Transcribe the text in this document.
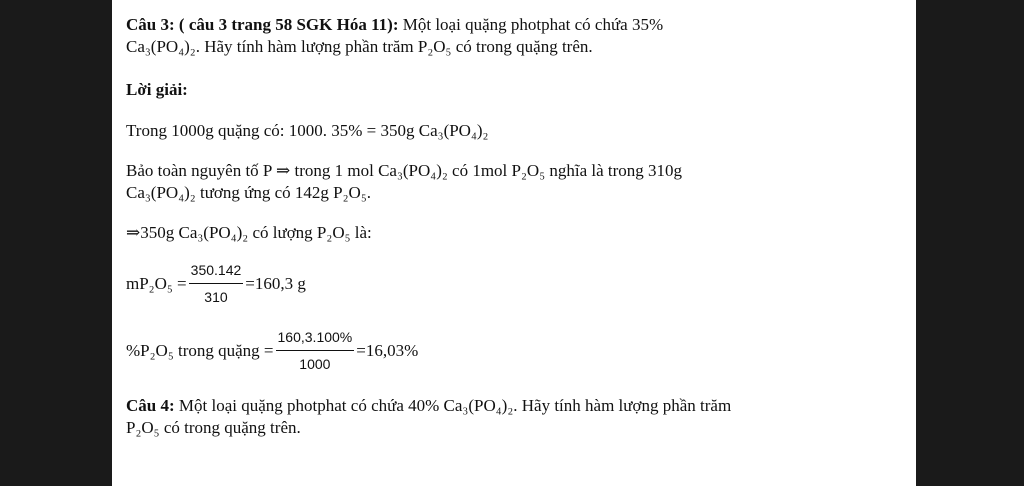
Câu 3: ( câu 3 trang 58 SGK Hóa 11): Một loại quặng photphat có chứa 35%
Ca₃(PO₄)₂. Hãy tính hàm lượng phần trăm P₂O₅ có trong quặng trên.

Lời giải:

Trong 1000g quặng có: 1000. 35% = 350g Ca₃(PO₄)₂

Bảo toàn nguyên tố P ⇒ trong 1 mol Ca₃(PO₄)₂ có 1mol P₂O₅ nghĩa là trong 310g
Ca₃(PO₄)₂ tương ứng có 142g P₂O₅.

⇒350g Ca₃(PO₄)₂ có lượng P₂O₅ là:

$mP_2O_5 = \frac{350.142}{310} =160,3$ g
%P₂O₅ trong quặng = $\frac{160,3.100\%}{1000} =16,03\%$

Câu 4: Một loại quặng photphat có chứa 40% Ca₃(PO₄)₂. Hãy tính hàm lượng phần trăm
P₂O₅ có trong quặng trên.
